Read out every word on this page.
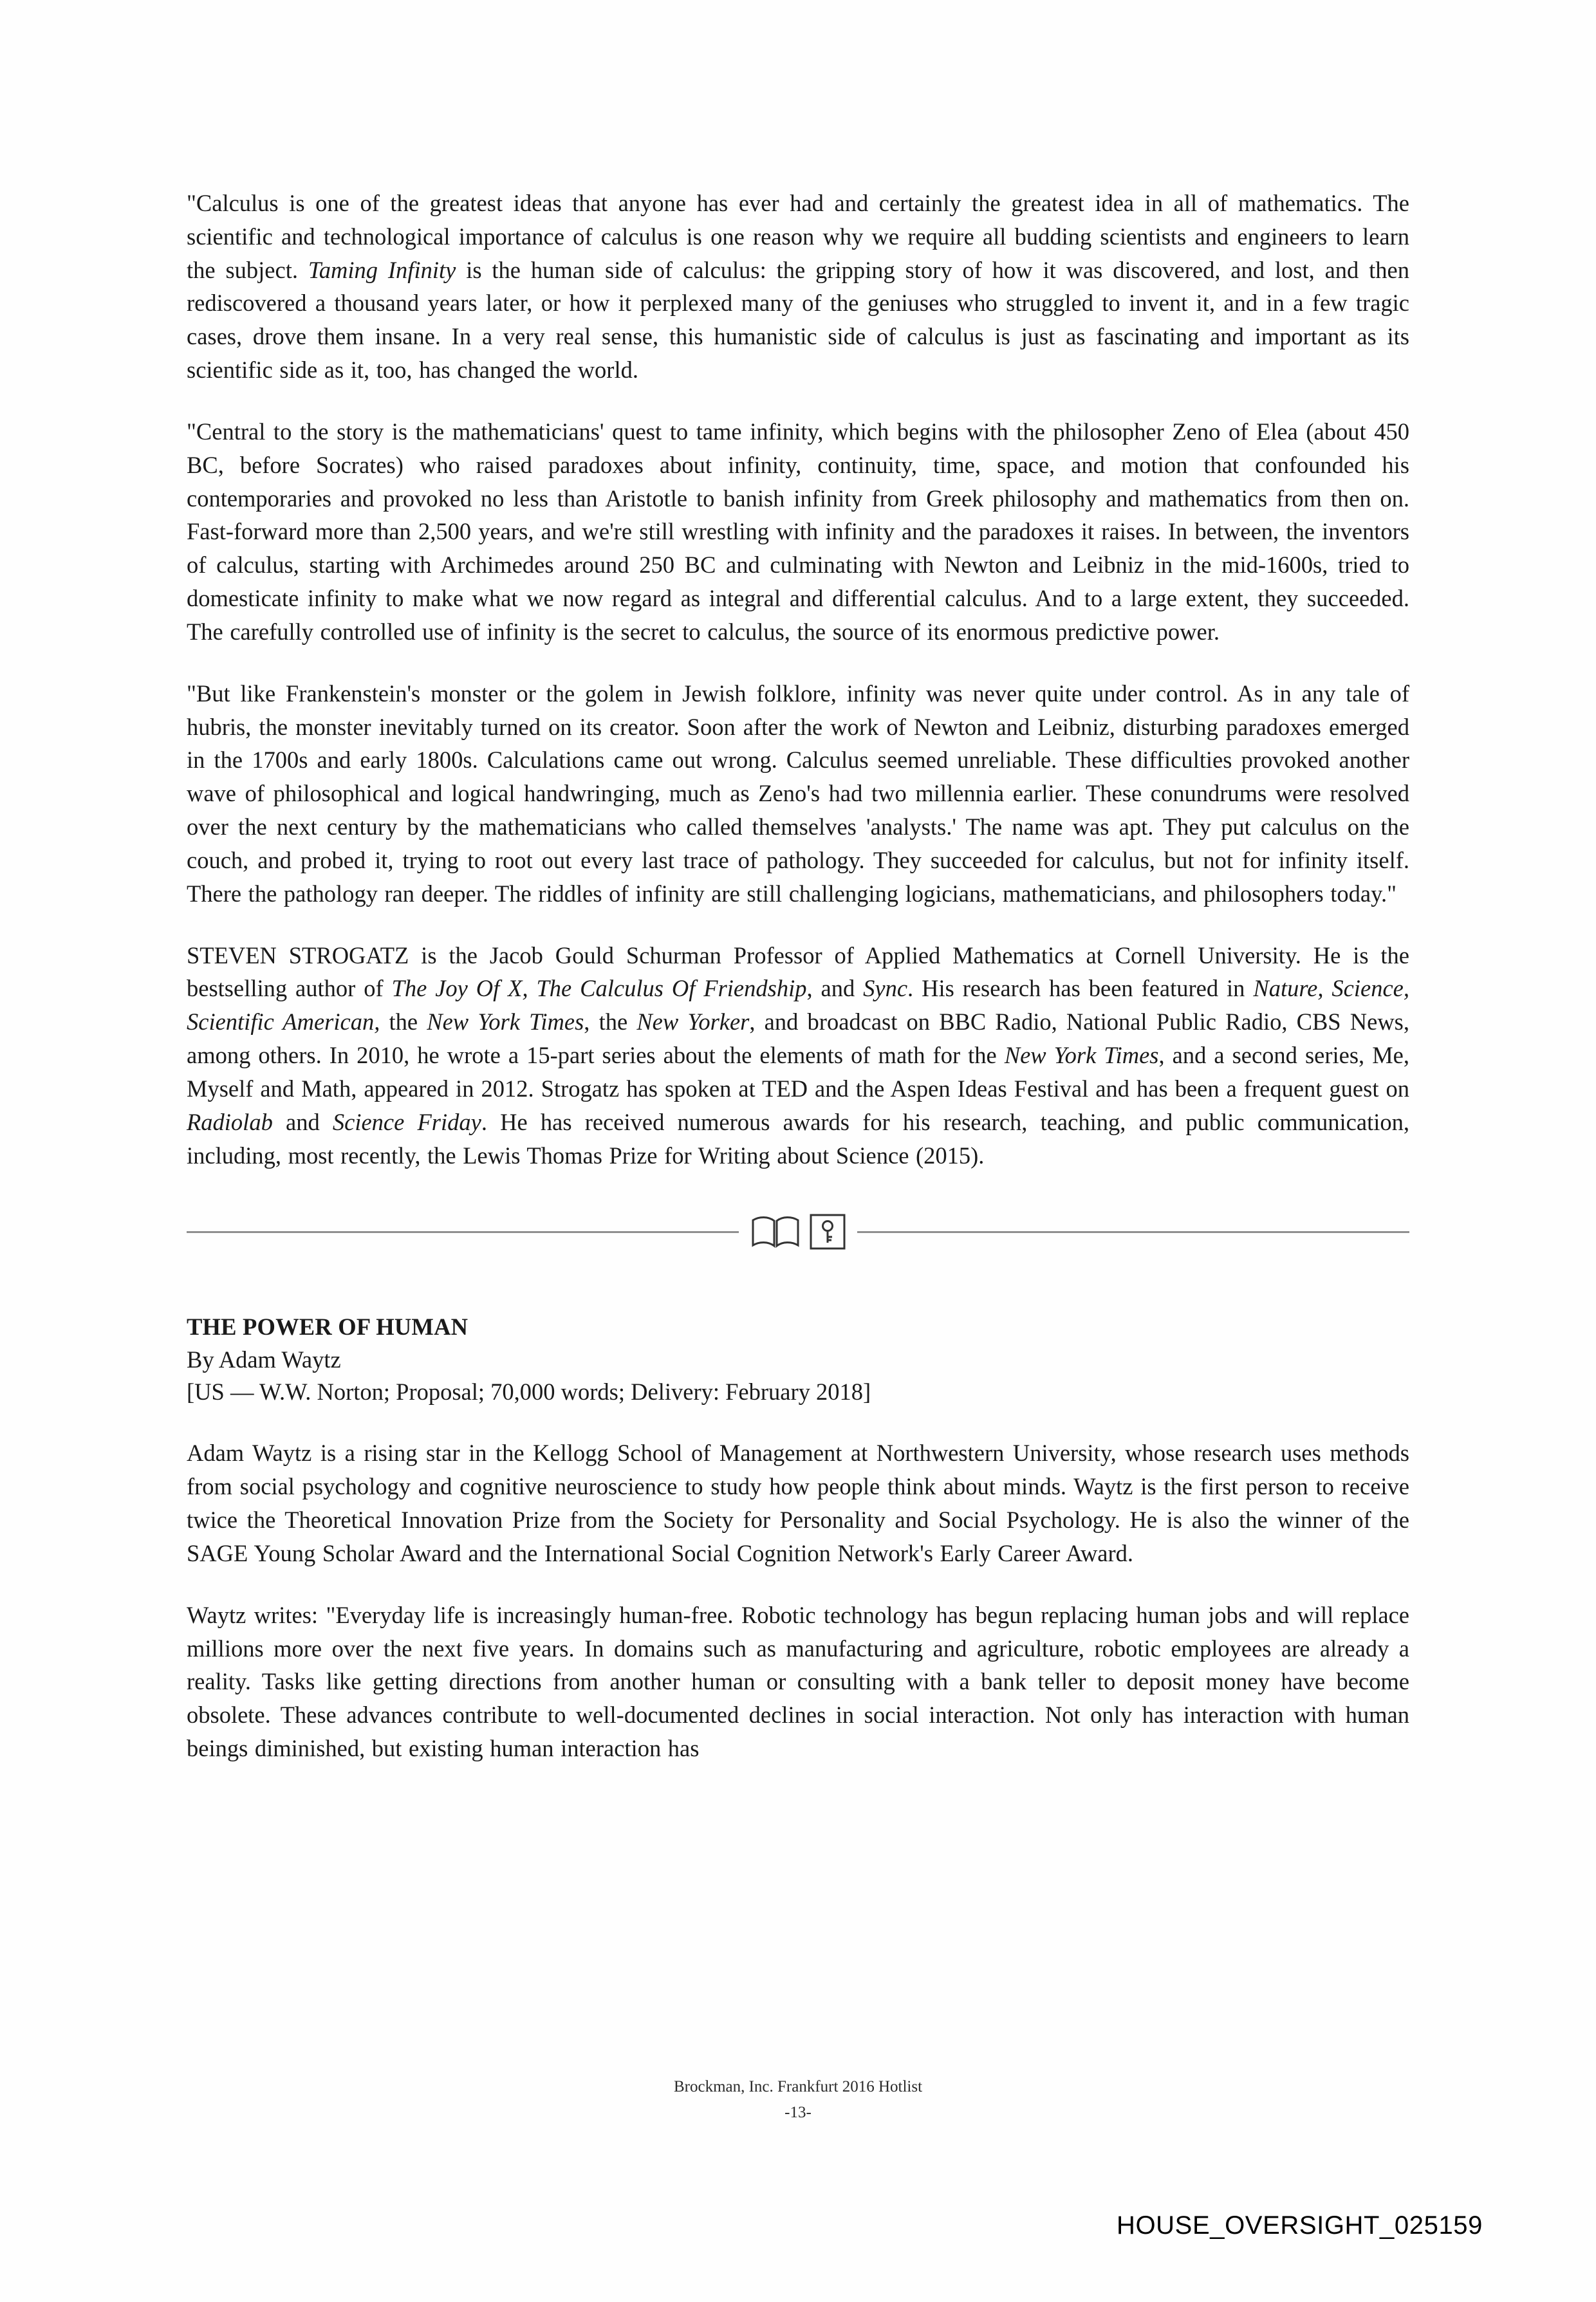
"Calculus is one of the greatest ideas that anyone has ever had and certainly the greatest idea in all of mathematics. The scientific and technological importance of calculus is one reason why we require all budding scientists and engineers to learn the subject. Taming Infinity is the human side of calculus: the gripping story of how it was discovered, and lost, and then rediscovered a thousand years later, or how it perplexed many of the geniuses who struggled to invent it, and in a few tragic cases, drove them insane. In a very real sense, this humanistic side of calculus is just as fascinating and important as its scientific side as it, too, has changed the world.

"Central to the story is the mathematicians' quest to tame infinity, which begins with the philosopher Zeno of Elea (about 450 BC, before Socrates) who raised paradoxes about infinity, continuity, time, space, and motion that confounded his contemporaries and provoked no less than Aristotle to banish infinity from Greek philosophy and mathematics from then on. Fast-forward more than 2,500 years, and we're still wrestling with infinity and the paradoxes it raises. In between, the inventors of calculus, starting with Archimedes around 250 BC and culminating with Newton and Leibniz in the mid-1600s, tried to domesticate infinity to make what we now regard as integral and differential calculus. And to a large extent, they succeeded. The carefully controlled use of infinity is the secret to calculus, the source of its enormous predictive power.

"But like Frankenstein's monster or the golem in Jewish folklore, infinity was never quite under control. As in any tale of hubris, the monster inevitably turned on its creator. Soon after the work of Newton and Leibniz, disturbing paradoxes emerged in the 1700s and early 1800s. Calculations came out wrong. Calculus seemed unreliable. These difficulties provoked another wave of philosophical and logical handwringing, much as Zeno's had two millennia earlier. These conundrums were resolved over the next century by the mathematicians who called themselves 'analysts.' The name was apt. They put calculus on the couch, and probed it, trying to root out every last trace of pathology. They succeeded for calculus, but not for infinity itself. There the pathology ran deeper. The riddles of infinity are still challenging logicians, mathematicians, and philosophers today."

STEVEN STROGATZ is the Jacob Gould Schurman Professor of Applied Mathematics at Cornell University. He is the bestselling author of The Joy Of X, The Calculus Of Friendship, and Sync. His research has been featured in Nature, Science, Scientific American, the New York Times, the New Yorker, and broadcast on BBC Radio, National Public Radio, CBS News, among others. In 2010, he wrote a 15-part series about the elements of math for the New York Times, and a second series, Me, Myself and Math, appeared in 2012. Strogatz has spoken at TED and the Aspen Ideas Festival and has been a frequent guest on Radiolab and Science Friday. He has received numerous awards for his research, teaching, and public communication, including, most recently, the Lewis Thomas Prize for Writing about Science (2015).

THE POWER OF HUMAN

By Adam Waytz

[US — W.W. Norton; Proposal; 70,000 words; Delivery: February 2018]

Adam Waytz is a rising star in the Kellogg School of Management at Northwestern University, whose research uses methods from social psychology and cognitive neuroscience to study how people think about minds. Waytz is the first person to receive twice the Theoretical Innovation Prize from the Society for Personality and Social Psychology. He is also the winner of the SAGE Young Scholar Award and the International Social Cognition Network's Early Career Award.

Waytz writes: "Everyday life is increasingly human-free. Robotic technology has begun replacing human jobs and will replace millions more over the next five years. In domains such as manufacturing and agriculture, robotic employees are already a reality. Tasks like getting directions from another human or consulting with a bank teller to deposit money have become obsolete. These advances contribute to well-documented declines in social interaction. Not only has interaction with human beings diminished, but existing human interaction has

Brockman, Inc. Frankfurt 2016 Hotlist
-13-
HOUSE_OVERSIGHT_025159
